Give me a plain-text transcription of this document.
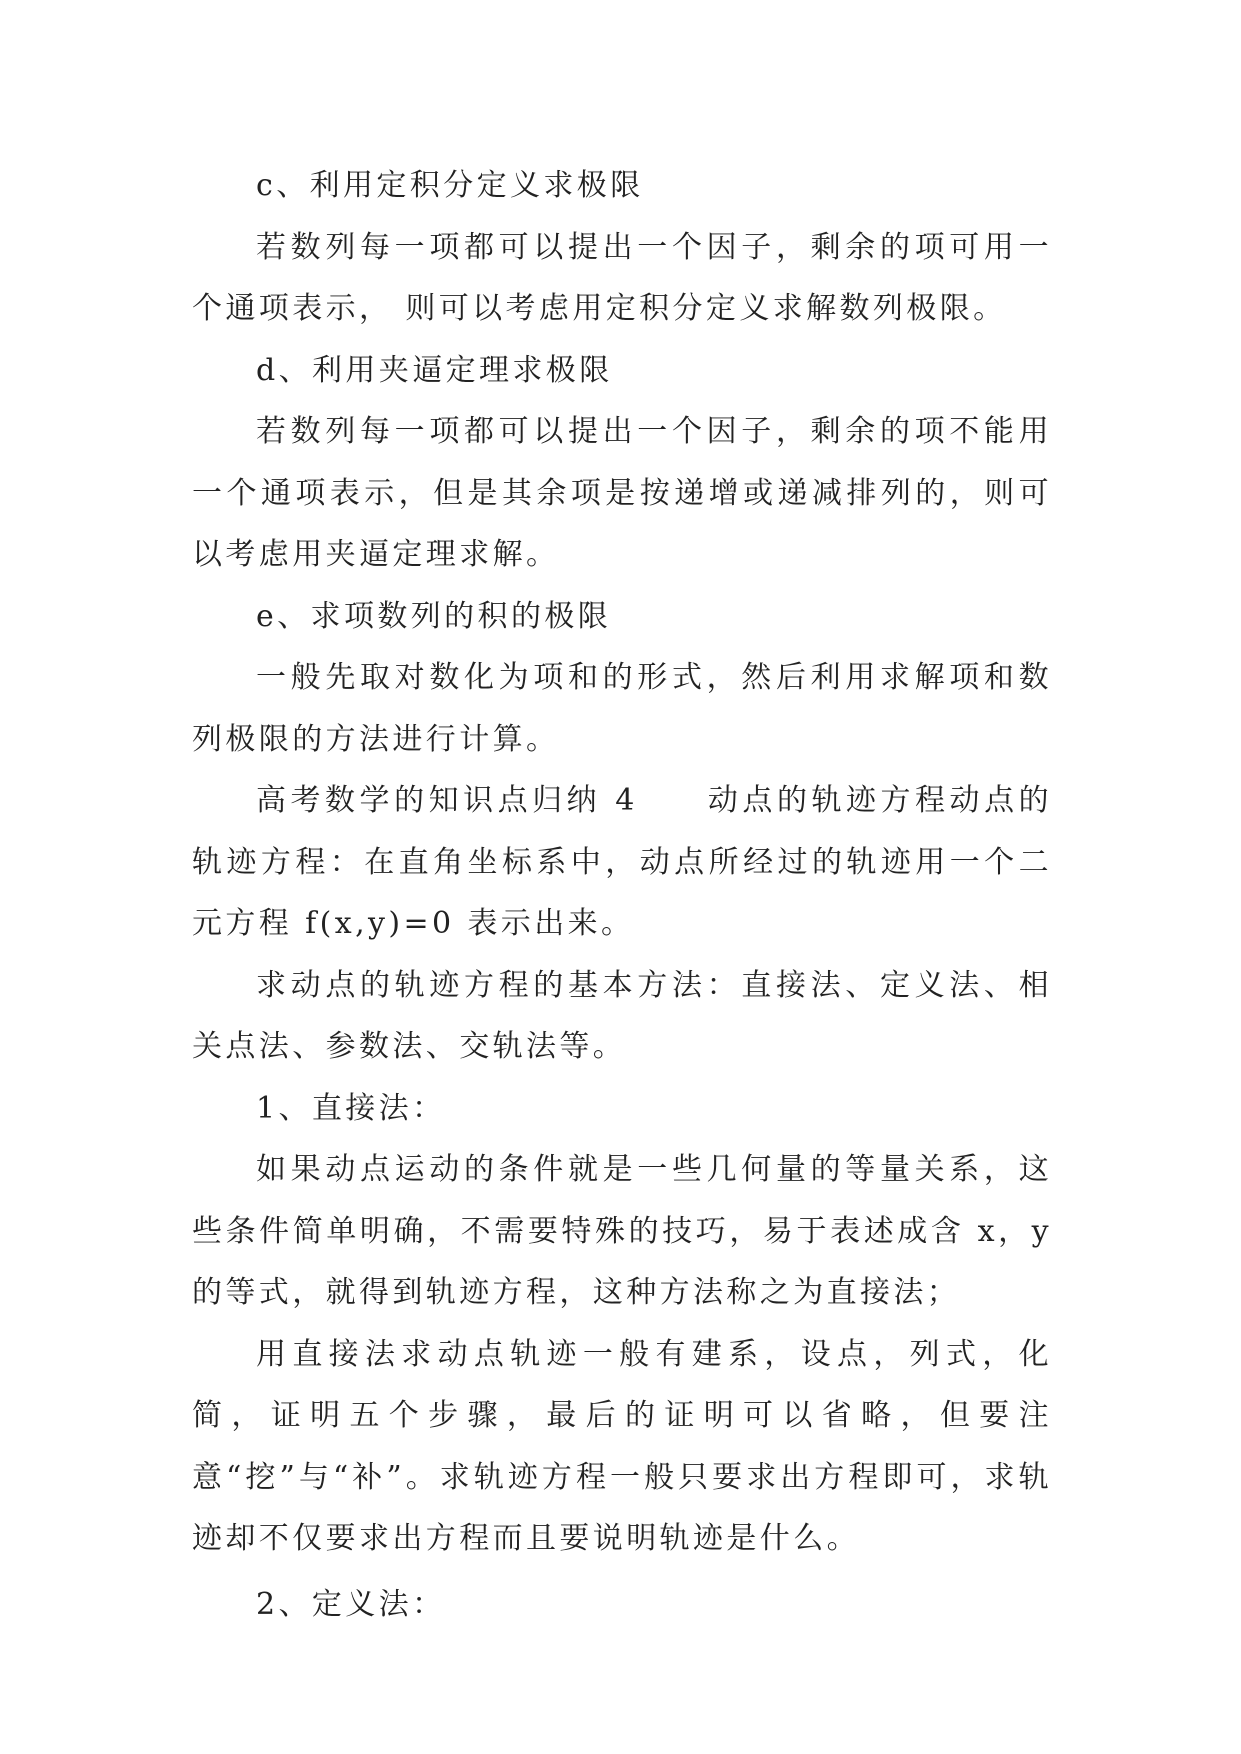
c、利用定积分定义求极限

若数列每一项都可以提出一个因子，剩余的项可用一个通项表示， 则可以考虑用定积分定义求解数列极限。

d、利用夹逼定理求极限

若数列每一项都可以提出一个因子，剩余的项不能用一个通项表示，但是其余项是按递增或递减排列的，则可以考虑用夹逼定理求解。

e、求项数列的积的极限

一般先取对数化为项和的形式，然后利用求解项和数列极限的方法进行计算。

高考数学的知识点归纳 4　　动点的轨迹方程动点的轨迹方程：在直角坐标系中，动点所经过的轨迹用一个二元方程 f(x,y)=0 表示出来。

求动点的轨迹方程的基本方法：直接法、定义法、相关点法、参数法、交轨法等。

1、直接法：

如果动点运动的条件就是一些几何量的等量关系，这些条件简单明确，不需要特殊的技巧，易于表述成含 x，y 的等式，就得到轨迹方程，这种方法称之为直接法；

用直接法求动点轨迹一般有建系，设点，列式，化简，证明五个步骤，最后的证明可以省略，但要注意“挖”与“补”。求轨迹方程一般只要求出方程即可，求轨迹却不仅要求出方程而且要说明轨迹是什么。

2、定义法：
